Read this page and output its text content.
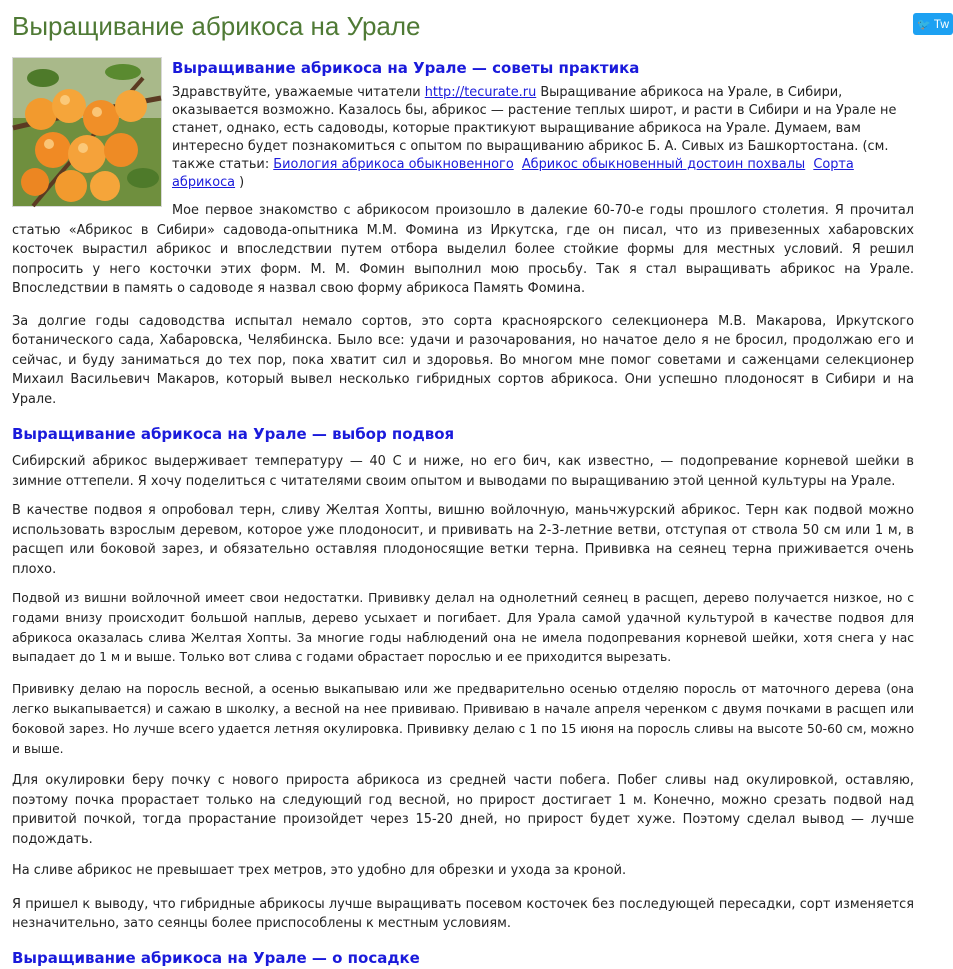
Выращивание абрикоса на Урале	🐦 Tw
Выращивание абрикоса на Урале — советы практика

Здравствуйте, уважаемые читатели http://tecurate.ru Выращивание абрикоса на Урале, в Сибири, оказывается возможно. Казалось бы, абрикос — растение теплых широт, и расти в Сибири и на Урале не станет, однако, есть садоводы, которые практикуют выращивание абрикоса на Урале. Думаем, вам интересно будет познакомиться с опытом по выращиванию абрикос Б. А. Сивых из Башкортостана. (см. также статьи: Биология абрикоса обыкновенного Абрикос обыкновенный достоин похвалы Сорта абрикоса )

Мое первое знакомство с абрикосом произошло в далекие 60-70-е годы прошлого столетия. Я прочитал статью «Абрикос в Сибири» садовода-опытника М.М. Фомина из Иркутска, где он писал, что из привезенных хабаровских косточек вырастил абрикос и впоследствии путем отбора выделил более стойкие формы для местных условий. Я решил попросить у него косточки этих форм. М. М. Фомин выполнил мою просьбу. Так я стал выращивать абрикос на Урале. Впоследствии в память о садоводе я назвал свою форму абрикоса Память Фомина.

За долгие годы садоводства испытал немало сортов, это сорта красноярского селекционера М.В. Макарова, Иркутского ботанического сада, Хабаровска, Челябинска. Было все: удачи и разочарования, но начатое дело я не бросил, продолжаю его и сейчас, и буду заниматься до тех пор, пока хватит сил и здоровья. Во многом мне помог советами и саженцами селекционер Михаил Васильевич Макаров, который вывел несколько гибридных сортов абрикоса. Они успешно плодоносят в Сибири и на Урале.

Выращивание абрикоса на Урале — выбор подвоя

Сибирский абрикос выдерживает температуру — 40 С и ниже, но его бич, как известно, — подопревание корневой шейки в зимние оттепели. Я хочу поделиться с читателями своим опытом и выводами по выращиванию этой ценной культуры на Урале.

В качестве подвоя я опробовал терн, сливу Желтая Хопты, вишню войлочную, маньчжурский абрикос. Терн как подвой можно использовать взрослым деревом, которое уже плодоносит, и прививать на 2-3-летние ветви, отступая от ствола 50 см или 1 м, в расщеп или боковой зарез, и обязательно оставляя плодоносящие ветки терна. Прививка на сеянец терна приживается очень плохо.

Подвой из вишни войлочной имеет свои недостатки. Прививку делал на однолетний сеянец в расщеп, дерево получается низкое, но с годами внизу происходит большой наплыв, дерево усыхает и погибает. Для Урала самой удачной культурой в качестве подвоя для абрикоса оказалась слива Желтая Хопты. За многие годы наблюдений она не имела подопревания корневой шейки, хотя снега у нас выпадает до 1 м и выше. Только вот слива с годами обрастает порослью и ее приходится вырезать.

Прививку делаю на поросль весной, а осенью выкапываю или же предварительно осенью отделяю поросль от маточного дерева (она легко выкапывается) и сажаю в школку, а весной на нее прививаю. Прививаю в начале апреля черенком с двумя почками в расщеп или боковой зарез. Но лучше всего удается летняя окулировка. Прививку делаю с 1 по 15 июня на поросль сливы на высоте 50-60 см, можно и выше.

Для окулировки беру почку с нового прироста абрикоса из средней части побега. Побег сливы над окулировкой, оставляю, поэтому почка прорастает только на следующий год весной, но прирост достигает 1 м. Конечно, можно срезать подвой над привитой почкой, тогда прорастание произойдет через 15-20 дней, но прирост будет хуже. Поэтому сделал вывод — лучше подождать.

На сливе абрикос не превышает трех метров, это удобно для обрезки и ухода за кроной.

Я пришел к выводу, что гибридные абрикосы лучше выращивать посевом косточек без последующей пересадки, сорт изменяется незначительно, зато сеянцы более приспособлены к местным условиям.

Выращивание абрикоса на Урале — о посадке
